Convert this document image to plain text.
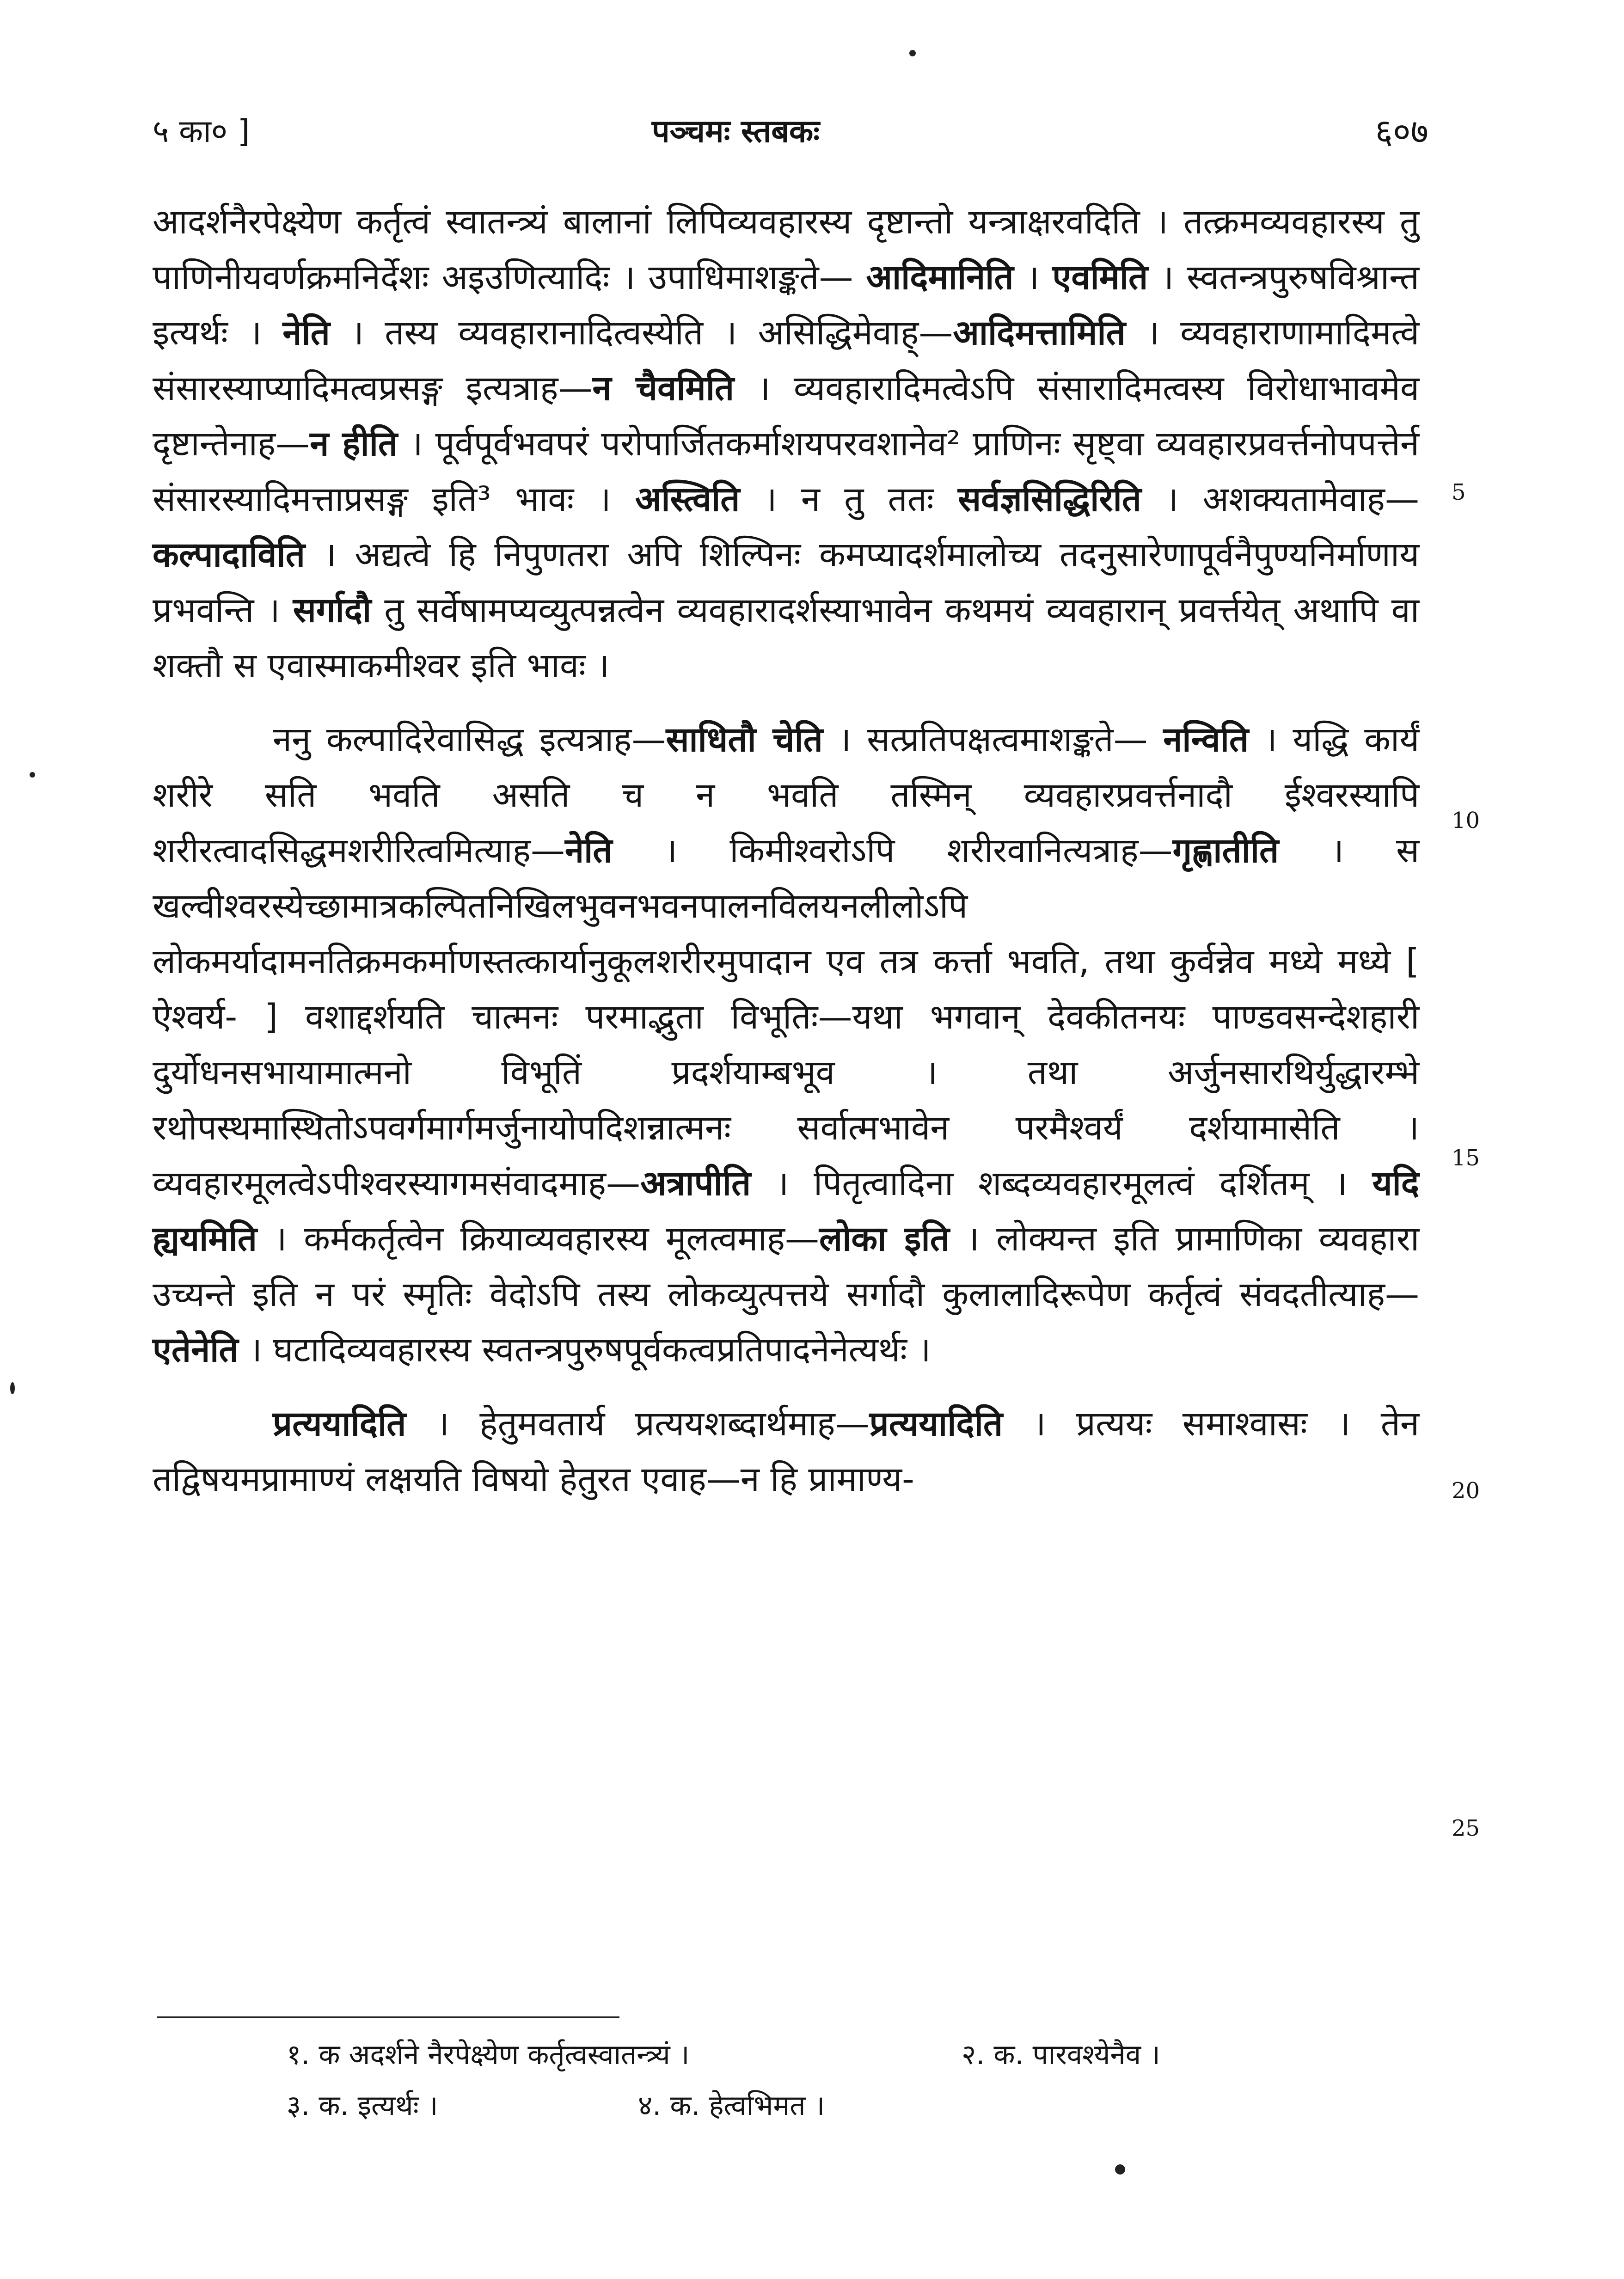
५ का० ]	पञ्चमः स्तबकः	६०७

आदर्शनैरपेक्ष्येण कर्तृत्वं स्वातन्त्र्यं बालानां लिपिव्यवहारस्य दृष्टान्तो यन्त्राक्षरवदिति । तत्क्रमव्यवहारस्य तु पाणिनीयवर्णक्रमनिर्देशः अइउणित्यादिः । उपाधिमाशङ्कते— आदिमानिति । एवमिति । स्वतन्त्रपुरुषविश्रान्त इत्यर्थः । नेति । तस्य व्यवहारानादित्वस्येति । असिद्धिमेवाह्—आदिमत्तामिति । व्यवहाराणामादिमत्वे संसारस्याप्यादिमत्वप्रसङ्ग इत्यत्राह—न चैवमिति । व्यवहारादिमत्वेऽपि संसारादिमत्वस्य विरोधाभावमेव दृष्टान्तेनाह—न हीति । पूर्वपूर्वभवपरं परोपार्जितकर्माशयपरवशानेव² प्राणिनः सृष्ट्वा व्यवहारप्रवर्त्तनोपपत्तेर्न संसारस्यादिमत्ताप्रसङ्ग इति³ भावः । अस्त्विति । न तु ततः सर्वज्ञसिद्धिरिति । अशक्यतामेवाह—कल्पादाविति । अद्यत्वे हि निपुणतरा अपि शिल्पिनः कमप्यादर्शमालोच्य तदनुसारेणापूर्वनैपुण्यनिर्माणाय प्रभवन्ति । सर्गादौ तु सर्वेषामप्यव्युत्पन्नत्वेन व्यवहारादर्शस्याभावेन कथमयं व्यवहारान् प्रवर्त्तयेत् अथापि वा शक्तौ स एवास्माकमीश्वर इति भावः ।

ननु कल्पादिरेवासिद्ध इत्यत्राह—साधितौ चेति । सत्प्रतिपक्षत्वमाशङ्कते— नन्विति । यद्धि कार्यं शरीरे सति भवति असति च न भवति तस्मिन् व्यवहारप्रवर्त्तनादौ ईश्वरस्यापि शरीरत्वादसिद्धमशरीरित्वमित्याह—नेति । किमीश्वरोऽपि शरीरवानित्यत्राह—गृह्णातीति । स खल्वीश्वरस्येच्छामात्रकल्पितनिखिलभुवनभवनपालनविलयनलीलोऽपि लोकमर्यादामनतिक्रमकर्माणस्तत्कार्यानुकूलशरीरमुपादान एव तत्र कर्त्ता भवति, तथा कुर्वन्नेव मध्ये मध्ये [ ऐश्वर्य- ] वशाद्दर्शयति चात्मनः परमाद्भुता विभूतिः—यथा भगवान् देवकीतनयः पाण्डवसन्देशहारी दुर्योधनसभायामात्मनो विभूतिं प्रदर्शयाम्बभूव । तथा अर्जुनसारथिर्युद्धारम्भे रथोपस्थमास्थितोऽपवर्गमार्गमर्जुनायोपदिशन्नात्मनः सर्वात्मभावेन परमैश्वर्यं दर्शयामासेति । व्यवहारमूलत्वेऽपीश्वरस्यागमसंवादमाह—अत्रापीति । पितृत्वादिना शब्दव्यवहारमूलत्वं दर्शितम् । यदि ह्ययमिति । कर्मकर्तृत्वेन क्रियाव्यवहारस्य मूलत्वमाह—लोका इति । लोक्यन्त इति प्रामाणिका व्यवहारा उच्यन्ते इति न परं स्मृतिः वेदोऽपि तस्य लोकव्युत्पत्तये सर्गादौ कुलालादिरूपेण कर्तृत्वं संवदतीत्याह—एतेनेति । घटादिव्यवहारस्य स्वतन्त्रपुरुषपूर्वकत्वप्रतिपादनेनेत्यर्थः ।

प्रत्ययादिति । हेतुमवतार्य प्रत्ययशब्दार्थमाह—प्रत्ययादिति । प्रत्ययः समाश्वासः । तेन तद्विषयमप्रामाण्यं लक्षयति विषयो हेतुरत एवाह—न हि प्रामाण्य-

5
10
15
20
25
१. क अदर्शने नैरपेक्ष्येण कर्तृत्वस्वातन्त्र्यं ।	२. क. पारवश्येनैव ।
३. क. इत्यर्थः ।	४. क. हेत्वभिमत ।
